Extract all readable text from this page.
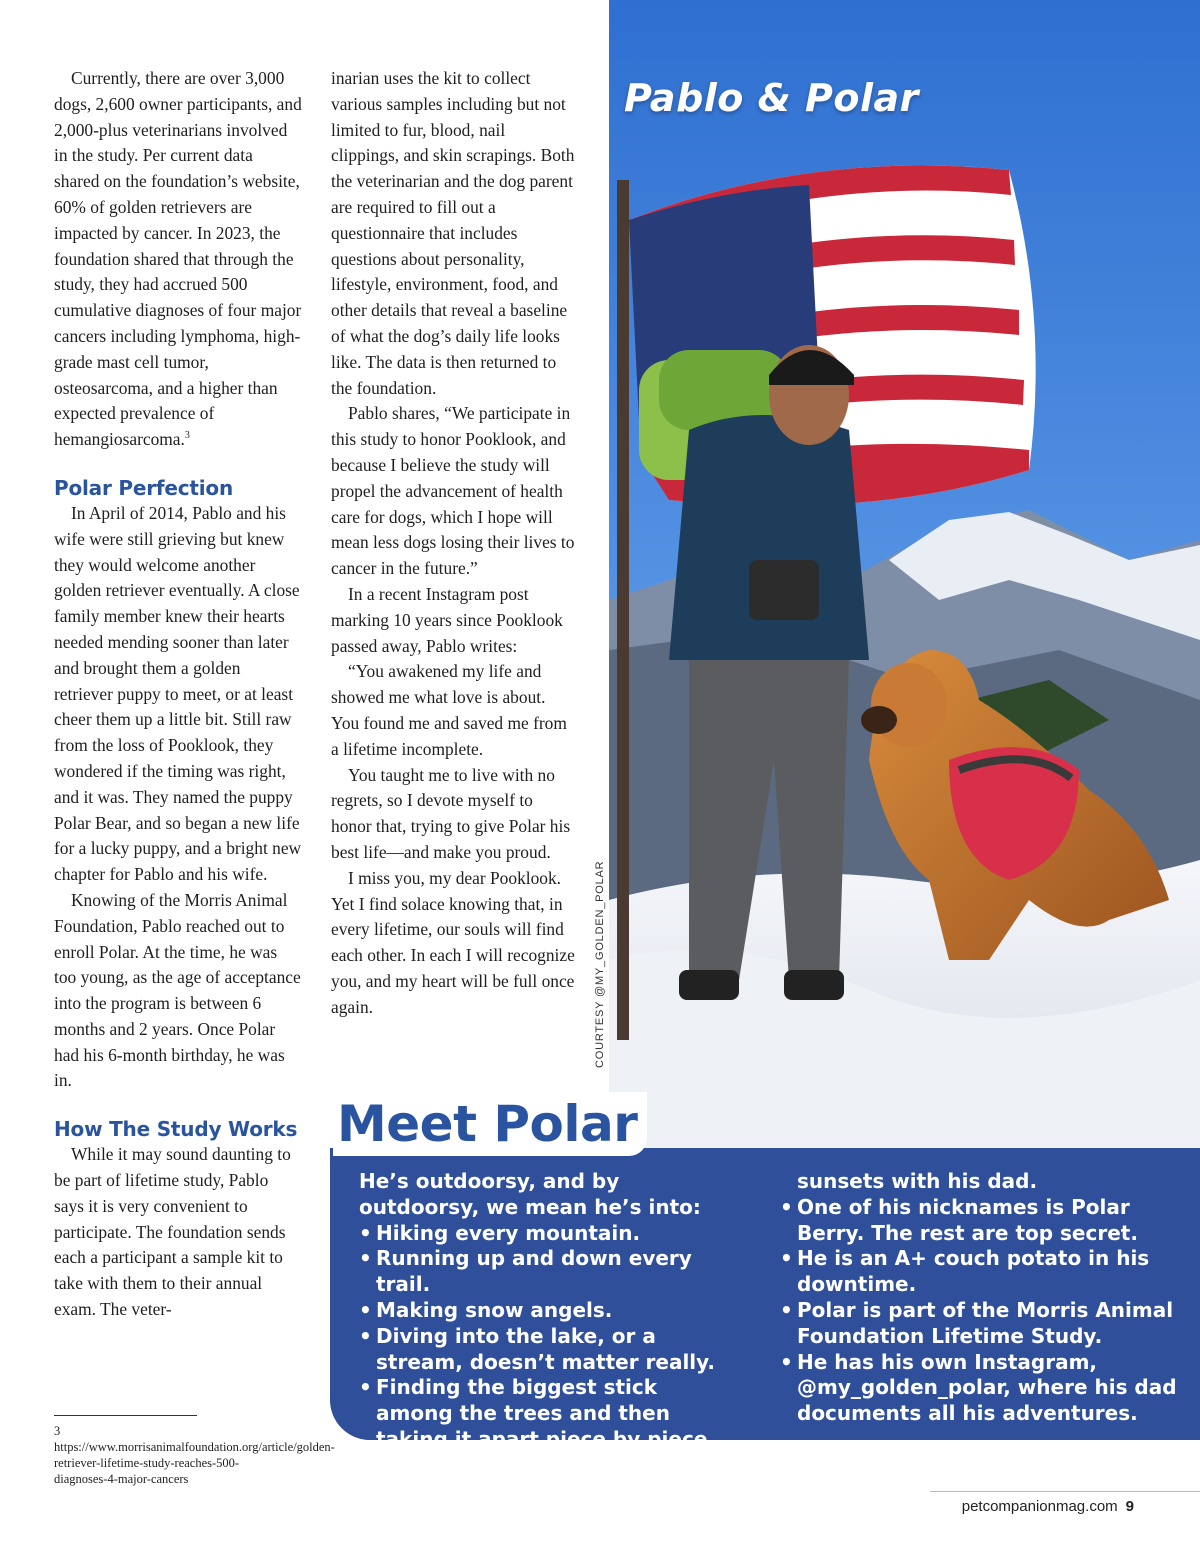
Currently, there are over 3,000 dogs, 2,600 owner participants, and 2,000-plus veterinarians involved in the study. Per current data shared on the foundation’s website, 60% of golden retrievers are impacted by cancer. In 2023, the foundation shared that through the study, they had accrued 500 cumulative diagnoses of four major cancers including lymphoma, high-grade mast cell tumor, osteosarcoma, and a higher than expected prevalence of hemangiosarcoma.$^3$

Polar Perfection

In April of 2014, Pablo and his wife were still grieving but knew they would welcome another golden retriever eventually. A close family member knew their hearts needed mending sooner than later and brought them a golden retriever puppy to meet, or at least cheer them up a little bit. Still raw from the loss of Pooklook, they wondered if the timing was right, and it was. They named the puppy Polar Bear, and so began a new life for a lucky puppy, and a bright new chapter for Pablo and his wife.

Knowing of the Morris Animal Foundation, Pablo reached out to enroll Polar. At the time, he was too young, as the age of acceptance into the program is between 6 months and 2 years. Once Polar had his 6-month birthday, he was in.

How The Study Works

While it may sound daunting to be part of lifetime study, Pablo says it is very convenient to participate. The foundation sends each a participant a sample kit to take with them to their annual exam. The veter-

3 https://www.morrisanimalfoundation.org/article/golden-retriever-lifetime-study-reaches-500-diagnoses-4-major-cancers

inarian uses the kit to collect various samples including but not limited to fur, blood, nail clippings, and skin scrapings. Both the veterinarian and the dog parent are required to fill out a questionnaire that includes questions about personality, lifestyle, environment, food, and other details that reveal a baseline of what the dog’s daily life looks like. The data is then returned to the foundation.

Pablo shares, “We participate in this study to honor Pooklook, and because I believe the study will propel the advancement of health care for dogs, which I hope will mean less dogs losing their lives to cancer in the future.”

In a recent Instagram post marking 10 years since Pooklook passed away, Pablo writes:

“You awakened my life and showed me what love is about. You found me and saved me from a lifetime incomplete.

You taught me to live with no regrets, so I devote myself to honor that, trying to give Polar his best life—and make you proud.

I miss you, my dear Pooklook. Yet I find solace knowing that, in every lifetime, our souls will find each other. In each I will recognize you, and my heart will be full once again.

Pablo & Polar
COURTESY @MY_GOLDEN_POLAR
Meet Polar

He’s outdoorsy, and by outdoorsy, we mean he’s into:

• Hiking every mountain.
• Running up and down every trail.
• Making snow angels.
• Diving into the lake, or a stream, doesn’t matter really.
• Finding the biggest stick among the trees and then taking it apart piece by piece.
• Chilling under the blue sky and
sunsets with his dad.
• One of his nicknames is Polar Berry. The rest are top secret.
• He is an A+ couch potato in his downtime.
• Polar is part of the Morris Animal Foundation Lifetime Study.
• He has his own Instagram, @my_golden_polar, where his dad documents all his adventures.
petcompanionmag.com 9
